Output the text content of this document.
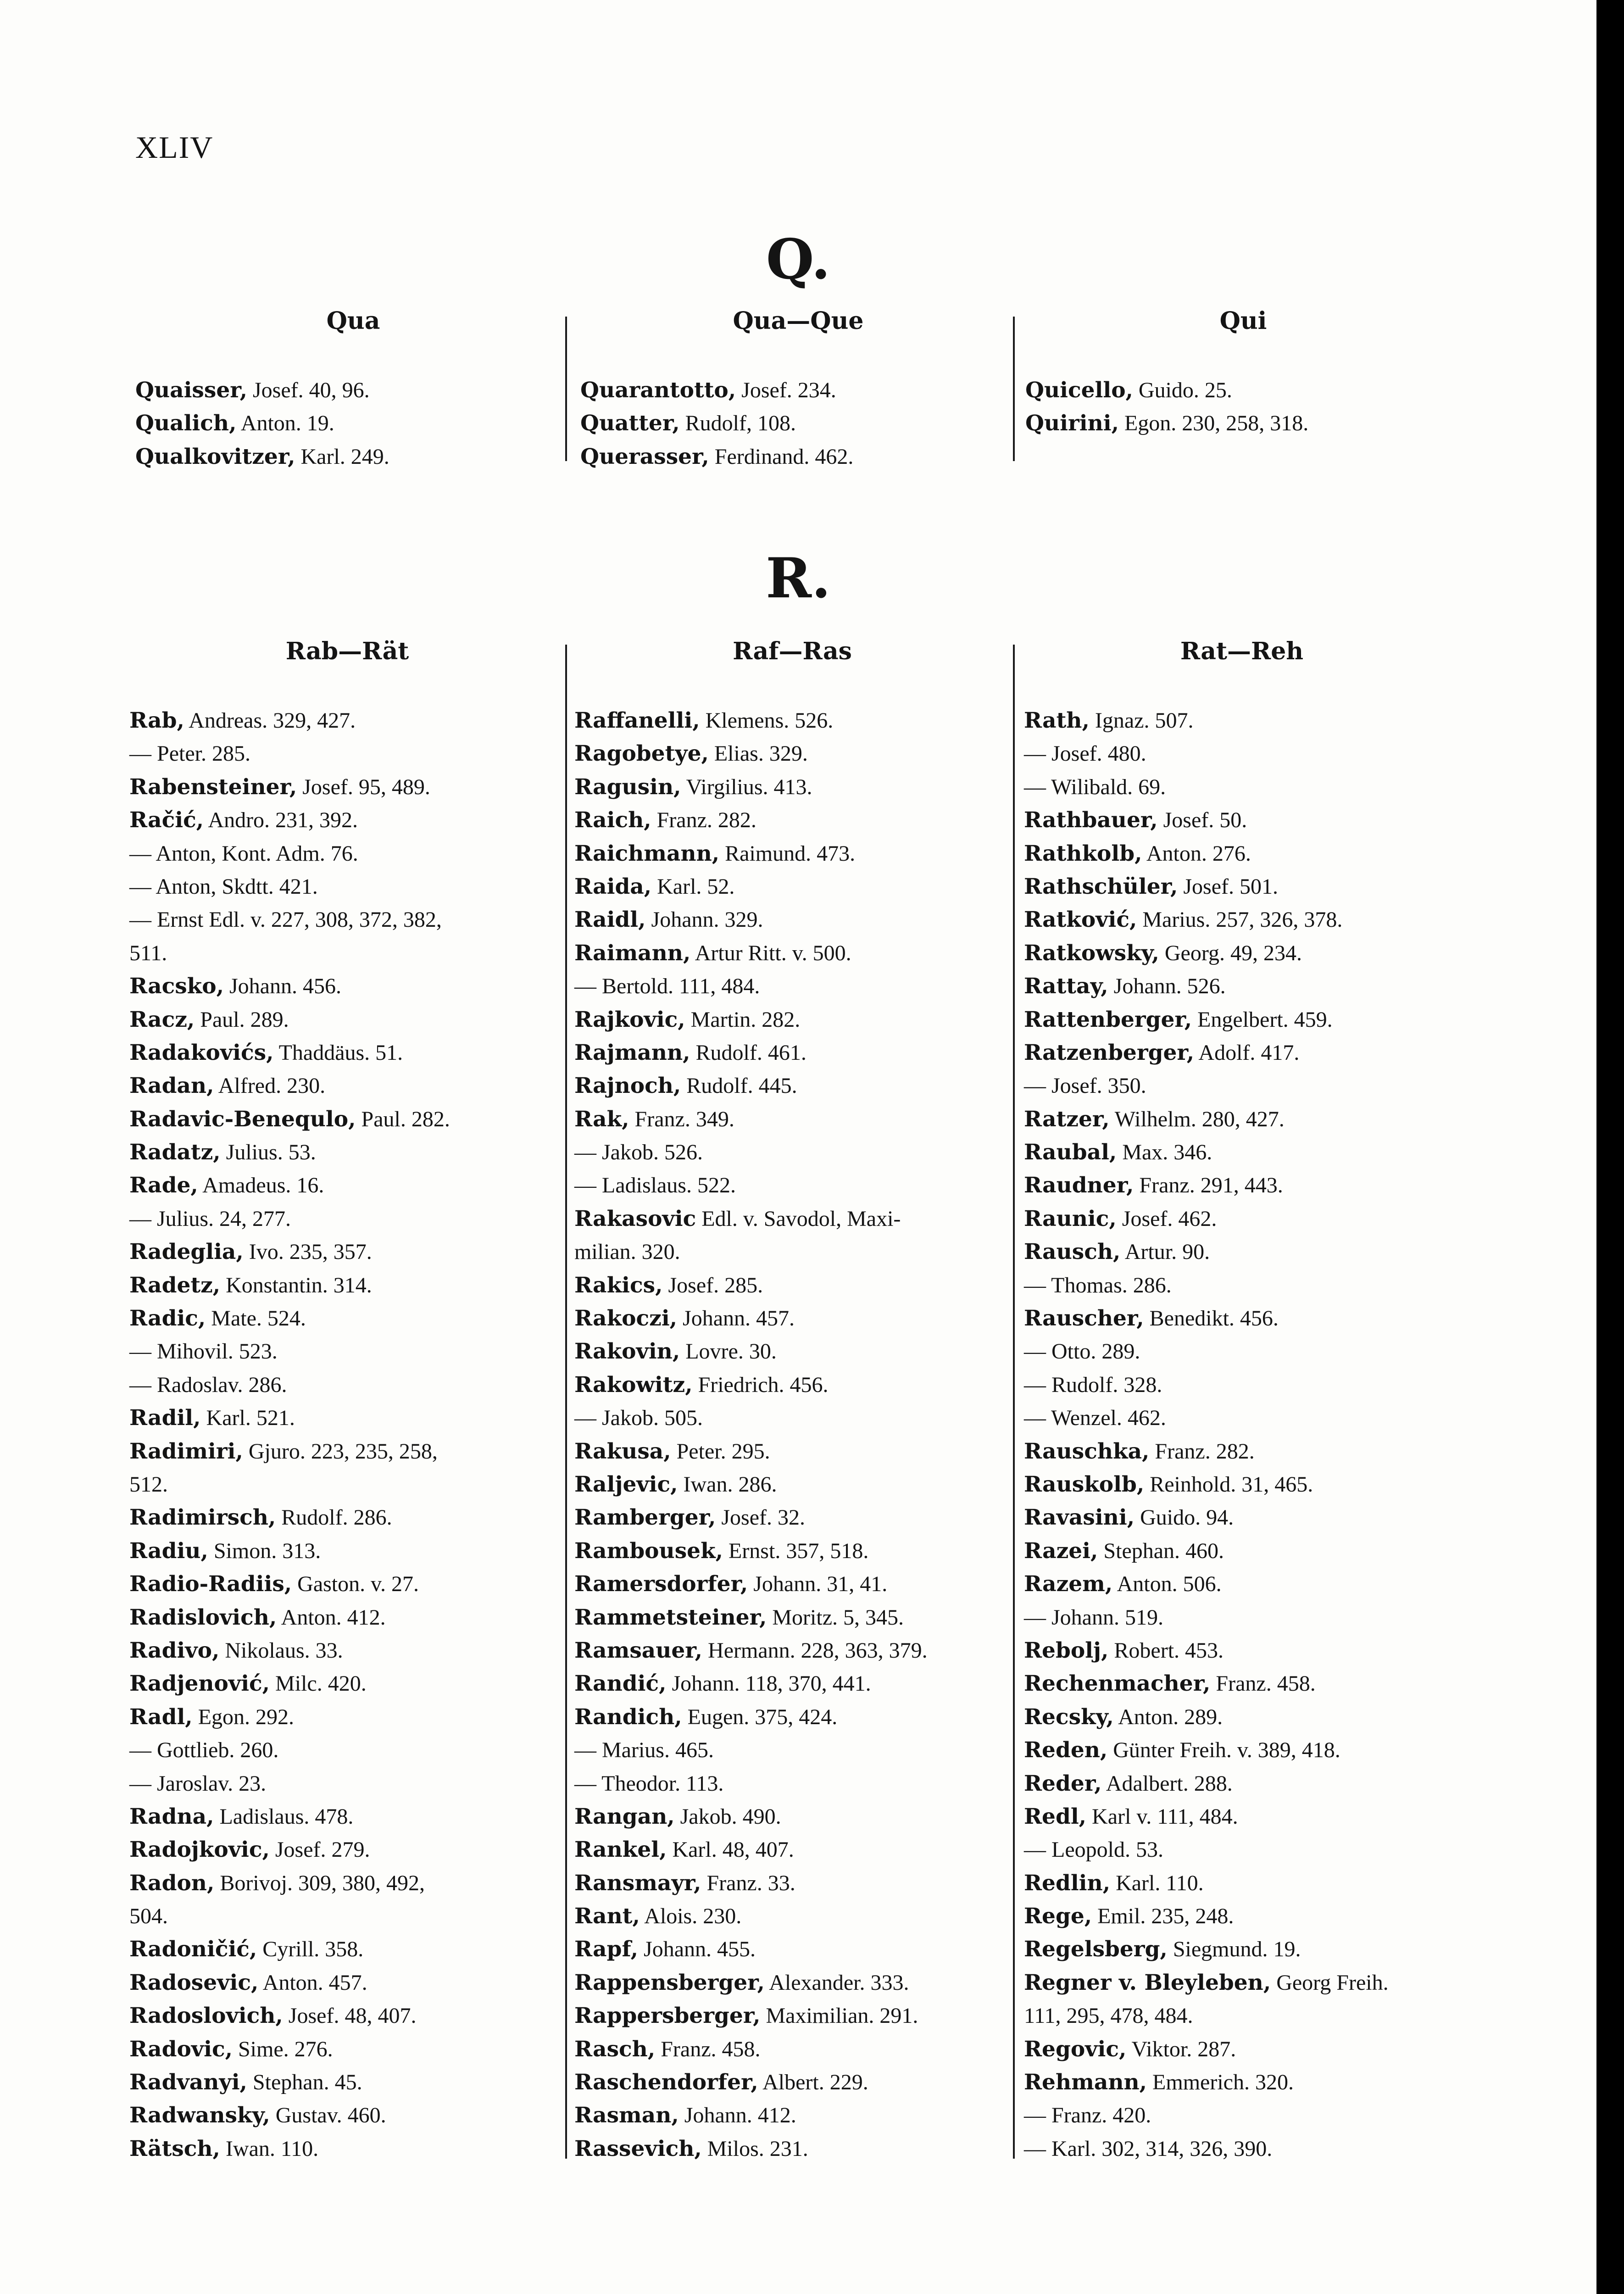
XLIV
Q.
Qua
Quaisser, Josef. 40, 96.
Qualich, Anton. 19.
Qualkovitzer, Karl. 249.
Qua—Que
Quarantotto, Josef. 234.
Quatter, Rudolf, 108.
Querasser, Ferdinand. 462.
Qui
Quicello, Guido. 25.
Quirini, Egon. 230, 258, 318.
R.
Rab—Rät
Rab, Andreas. 329, 427.
— Peter. 285.
Rabensteiner, Josef. 95, 489.
Račić, Andro. 231, 392.
— Anton, Kont. Adm. 76.
— Anton, Skdtt. 421.
— Ernst Edl. v. 227, 308, 372, 382,
511.
Racsko, Johann. 456.
Racz, Paul. 289.
Radakovićs, Thaddäus. 51.
Radan, Alfred. 230.
Radavic-Benequlo, Paul. 282.
Radatz, Julius. 53.
Rade, Amadeus. 16.
— Julius. 24, 277.
Radeglia, Ivo. 235, 357.
Radetz, Konstantin. 314.
Radic, Mate. 524.
— Mihovil. 523.
— Radoslav. 286.
Radil, Karl. 521.
Radimiri, Gjuro. 223, 235, 258,
512.
Radimirsch, Rudolf. 286.
Radiu, Simon. 313.
Radio-Radiis, Gaston. v. 27.
Radislovich, Anton. 412.
Radivo, Nikolaus. 33.
Radjenović, Milc. 420.
Radl, Egon. 292.
— Gottlieb. 260.
— Jaroslav. 23.
Radna, Ladislaus. 478.
Radojkovic, Josef. 279.
Radon, Borivoj. 309, 380, 492,
504.
Radoničić, Cyrill. 358.
Radosevic, Anton. 457.
Radoslovich, Josef. 48, 407.
Radovic, Sime. 276.
Radvanyi, Stephan. 45.
Radwansky, Gustav. 460.
Rätsch, Iwan. 110.
Raf—Ras
Raffanelli, Klemens. 526.
Ragobetye, Elias. 329.
Ragusin, Virgilius. 413.
Raich, Franz. 282.
Raichmann, Raimund. 473.
Raida, Karl. 52.
Raidl, Johann. 329.
Raimann, Artur Ritt. v. 500.
— Bertold. 111, 484.
Rajkovic, Martin. 282.
Rajmann, Rudolf. 461.
Rajnoch, Rudolf. 445.
Rak, Franz. 349.
— Jakob. 526.
— Ladislaus. 522.
Rakasovic Edl. v. Savodol, Maxi-
milian. 320.
Rakics, Josef. 285.
Rakoczi, Johann. 457.
Rakovin, Lovre. 30.
Rakowitz, Friedrich. 456.
— Jakob. 505.
Rakusa, Peter. 295.
Raljevic, Iwan. 286.
Ramberger, Josef. 32.
Rambousek, Ernst. 357, 518.
Ramersdorfer, Johann. 31, 41.
Rammetsteiner, Moritz. 5, 345.
Ramsauer, Hermann. 228, 363, 379.
Randić, Johann. 118, 370, 441.
Randich, Eugen. 375, 424.
— Marius. 465.
— Theodor. 113.
Rangan, Jakob. 490.
Rankel, Karl. 48, 407.
Ransmayr, Franz. 33.
Rant, Alois. 230.
Rapf, Johann. 455.
Rappensberger, Alexander. 333.
Rappersberger, Maximilian. 291.
Rasch, Franz. 458.
Raschendorfer, Albert. 229.
Rasman, Johann. 412.
Rassevich, Milos. 231.
Rat—Reh
Rath, Ignaz. 507.
— Josef. 480.
— Wilibald. 69.
Rathbauer, Josef. 50.
Rathkolb, Anton. 276.
Rathschüler, Josef. 501.
Ratković, Marius. 257, 326, 378.
Ratkowsky, Georg. 49, 234.
Rattay, Johann. 526.
Rattenberger, Engelbert. 459.
Ratzenberger, Adolf. 417.
— Josef. 350.
Ratzer, Wilhelm. 280, 427.
Raubal, Max. 346.
Raudner, Franz. 291, 443.
Raunic, Josef. 462.
Rausch, Artur. 90.
— Thomas. 286.
Rauscher, Benedikt. 456.
— Otto. 289.
— Rudolf. 328.
— Wenzel. 462.
Rauschka, Franz. 282.
Rauskolb, Reinhold. 31, 465.
Ravasini, Guido. 94.
Razei, Stephan. 460.
Razem, Anton. 506.
— Johann. 519.
Rebolj, Robert. 453.
Rechenmacher, Franz. 458.
Recsky, Anton. 289.
Reden, Günter Freih. v. 389, 418.
Reder, Adalbert. 288.
Redl, Karl v. 111, 484.
— Leopold. 53.
Redlin, Karl. 110.
Rege, Emil. 235, 248.
Regelsberg, Siegmund. 19.
Regner v. Bleyleben, Georg Freih.
111, 295, 478, 484.
Regovic, Viktor. 287.
Rehmann, Emmerich. 320.
— Franz. 420.
— Karl. 302, 314, 326, 390.
